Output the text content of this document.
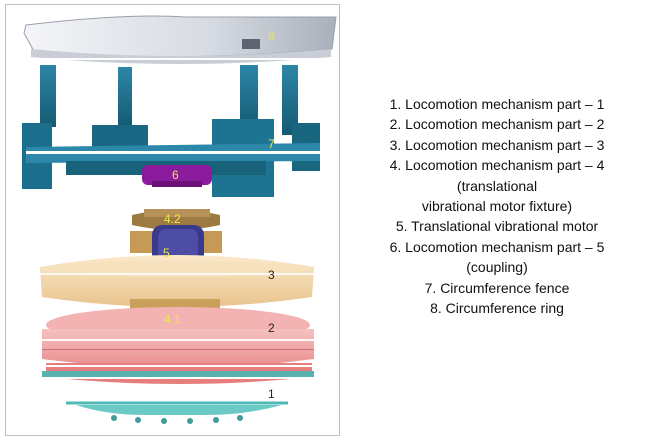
8
7
6
4.2
5
3
4.1
2
1
1. Locomotion mechanism part – 1
2. Locomotion mechanism part – 2
3. Locomotion mechanism part – 3
4. Locomotion mechanism part – 4
(translational
vibrational motor fixture)
5. Translational vibrational motor
6. Locomotion mechanism part – 5
(coupling)
7. Circumference fence
8. Circumference ring
